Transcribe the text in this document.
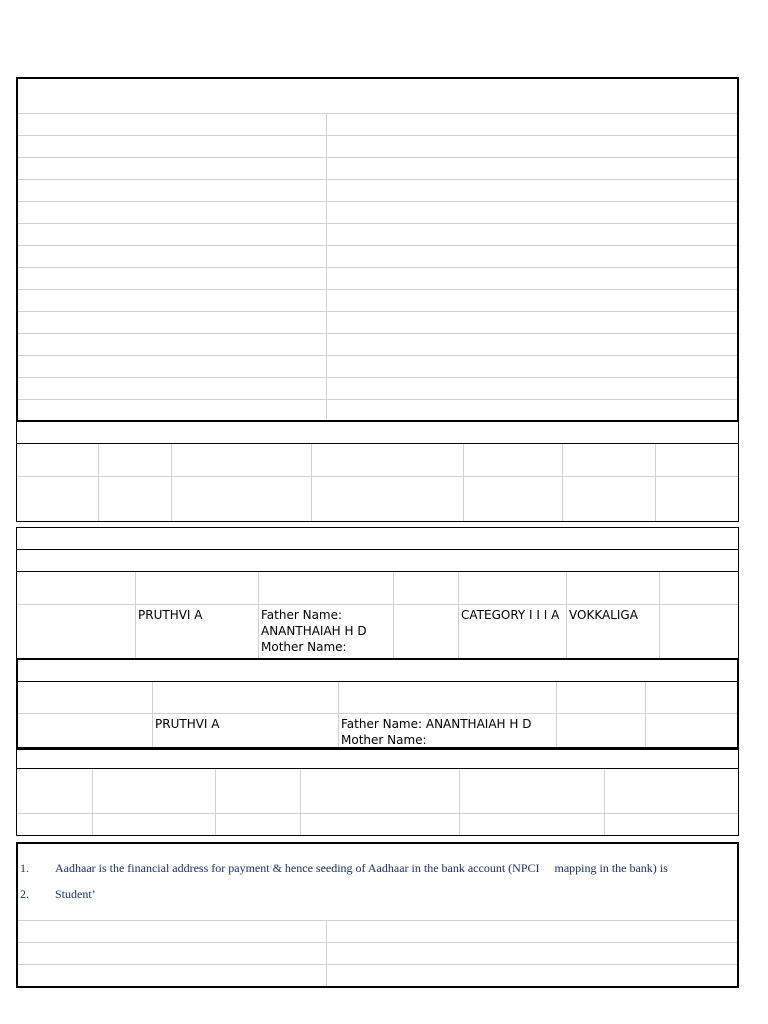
PRUTHVI A	Father Name:
ANANTHAIAH H D
Mother Name:
CATEGORY I I I A VOKKALIGA
PRUTHVI A	Father Name: ANANTHAIAH H D
Mother Name:
1. Aadhaar is the financial address for payment & hence seeding of Aadhaar in the bank account (NPCI     mapping in the bank) is
2. Student’
